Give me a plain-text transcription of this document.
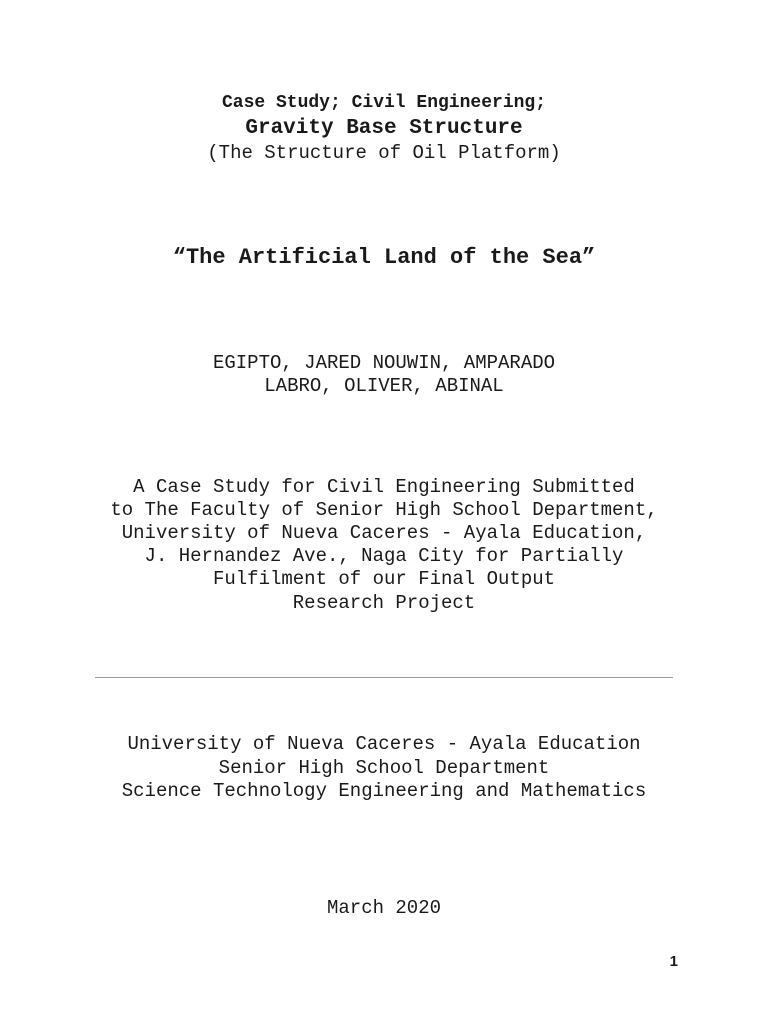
Case Study; Civil Engineering;
Gravity Base Structure
(The Structure of Oil Platform)
“The Artificial Land of the Sea”
EGIPTO, JARED NOUWIN, AMPARADO
LABRO, OLIVER, ABINAL
A Case Study for Civil Engineering Submitted
to The Faculty of Senior High School Department,
University of Nueva Caceres - Ayala Education,
J. Hernandez Ave., Naga City for Partially
Fulfilment of our Final Output
Research Project
University of Nueva Caceres - Ayala Education
Senior High School Department
Science Technology Engineering and Mathematics
March 2020
1
